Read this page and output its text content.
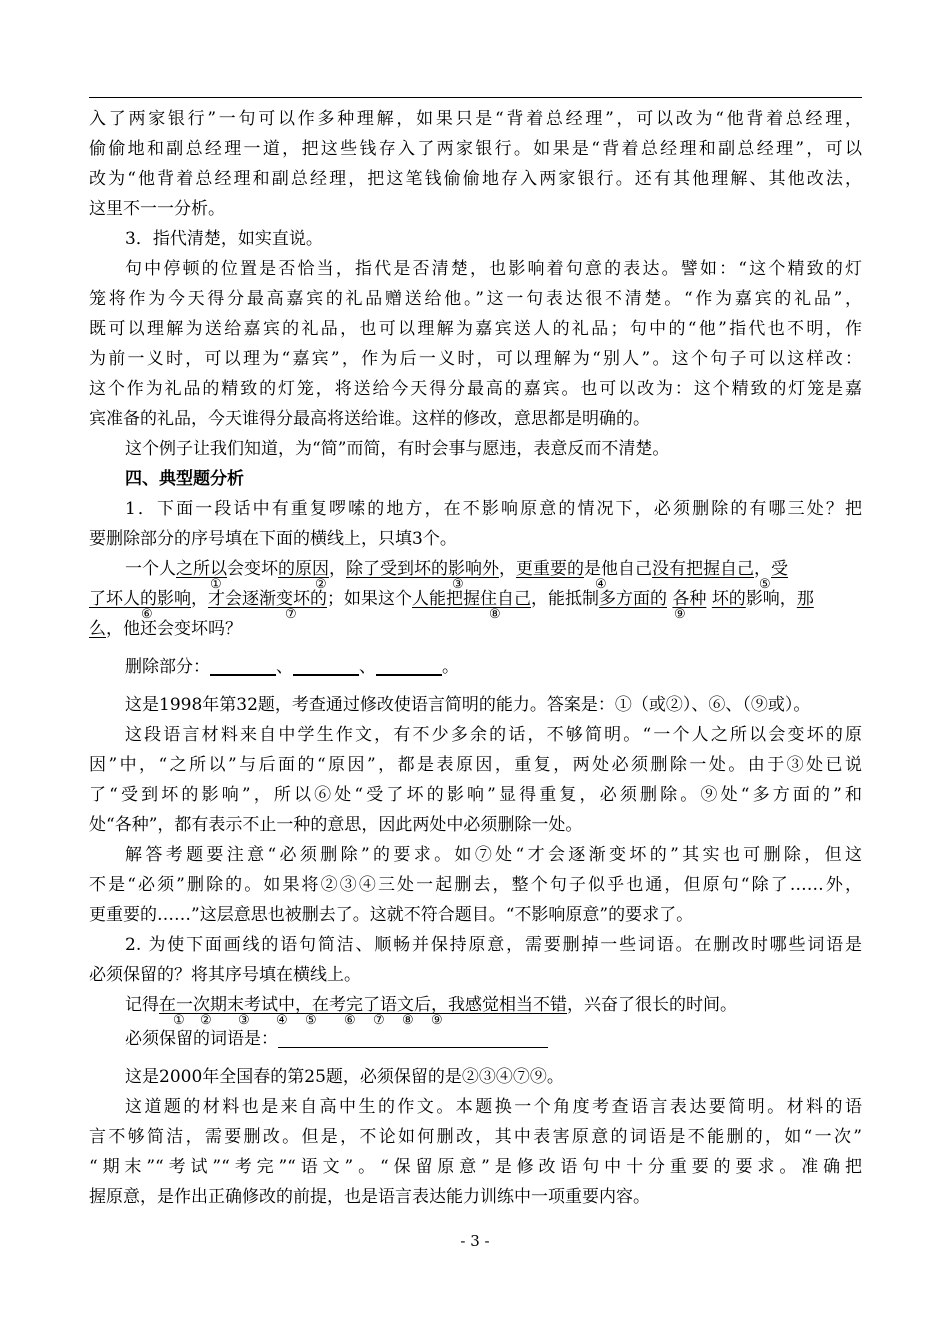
入了两家银行”一句可以作多种理解，如果只是“背着总经理”，可以改为“他背着总经理，
偷偷地和副总经理一道，把这些钱存入了两家银行。如果是“背着总经理和副总经理”，可以
改为“他背着总经理和副总经理，把这笔钱偷偷地存入两家银行。还有其他理解、其他改法，
这里不一一分析。
3．指代清楚，如实直说。
句中停顿的位置是否恰当，指代是否清楚，也影响着句意的表达。譬如：“这个精致的灯
笼将作为今天得分最高嘉宾的礼品赠送给他。”这一句表达很不清楚。“作为嘉宾的礼品”，
既可以理解为送给嘉宾的礼品，也可以理解为嘉宾送人的礼品；句中的“他”指代也不明，作
为前一义时，可以理为“嘉宾”，作为后一义时，可以理解为“别人”。这个句子可以这样改：
这个作为礼品的精致的灯笼，将送给今天得分最高的嘉宾。也可以改为：这个精致的灯笼是嘉
宾准备的礼品，今天谁得分最高将送给谁。这样的修改，意思都是明确的。
这个例子让我们知道，为“简”而简，有时会事与愿违，表意反而不清楚。
四、典型题分析
1．下面一段话中有重复啰嗦的地方，在不影响原意的情况下，必须删除的有哪三处？把
要删除部分的序号填在下面的横线上，只填3个。
一个人之所以会变坏的原因，除了受到坏的影响外，更重要的是他自己没有把握自己，受
①	②	③	④	⑤
了坏人的影响，才会逐渐变坏的；如果这个人能把握住自己，能抵制多方面的 各种 坏的影响，那
⑥	⑦	⑧	⑨
么，他还会变坏吗？
删除部分：	、	、	。
这是1998年第32题，考查通过修改使语言简明的能力。答案是：①（或②）、⑥、（⑨或）。
这段语言材料来自中学生作文，有不少多余的话，不够简明。“一个人之所以会变坏的原
因”中，“之所以”与后面的“原因”，都是表原因，重复，两处必须删除一处。由于③处已说
了“受到坏的影响”，所以⑥处“受了坏的影响”显得重复，必须删除。⑨处“多方面的”和
处“各种”，都有表示不止一种的意思，因此两处中必须删除一处。
解答考题要注意“必须删除”的要求。如⑦处“才会逐渐变坏的”其实也可删除，但这
不是“必须”删除的。如果将②③④三处一起删去，整个句子似乎也通，但原句“除了……外，
更重要的……”这层意思也被删去了。这就不符合题目。“不影响原意”的要求了。
2. 为使下面画线的语句简洁、顺畅并保持原意，需要删掉一些词语。在删改时哪些词语是
必须保留的？将其序号填在横线上。
记得在一次期末考试中，在考完了语文后，我感觉相当不错，兴奋了很长的时间。
① ② ③ ④ ⑤ ⑥ ⑦ ⑧ ⑨
必须保留的词语是：
这是2000年全国春的第25题，必须保留的是②③④⑦⑨。
这道题的材料也是来自高中生的作文。本题换一个角度考查语言表达要简明。材料的语
言不够简洁，需要删改。但是，不论如何删改，其中表害原意的词语是不能删的，如“一次”
“期末”“考试”“考完”“语文”。“保留原意”是修改语句中十分重要的要求。准确把
握原意，是作出正确修改的前提，也是语言表达能力训练中一项重要内容。
- 3 -
